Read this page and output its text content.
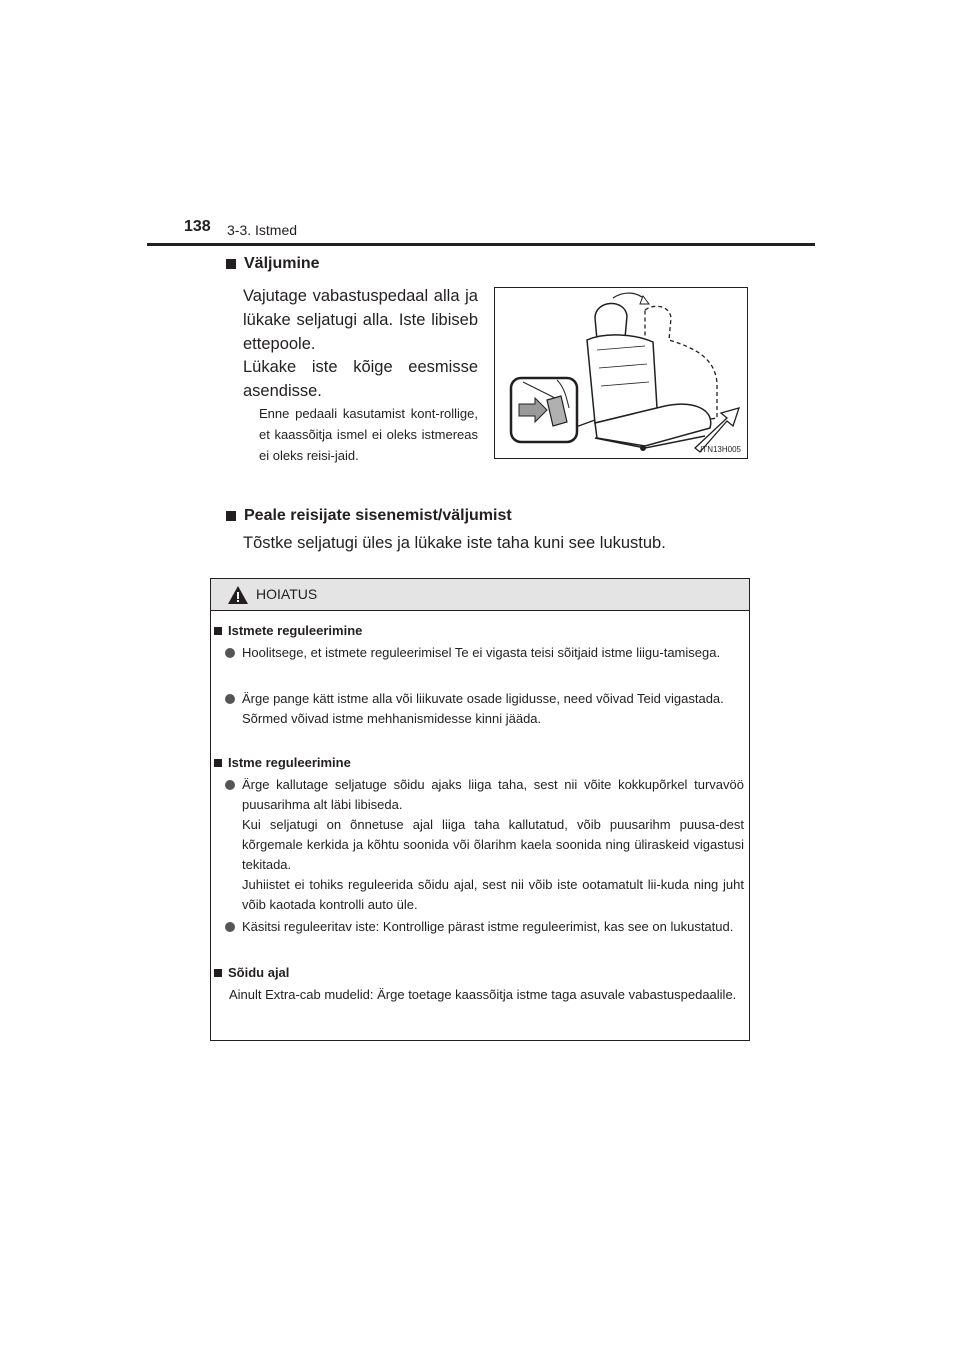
138 3-3. Istmed
Väljumine
Vajutage vabastuspedaal alla ja lükake seljatugi alla. Iste libiseb ettepoole.
Lükake iste kõige eesmisse asendisse.
Enne pedaali kasutamist kont-rollige, et kaassõitja ismel ei oleks istmereas ei oleks reisi-jaid.	ITN13H005
Peale reisijate sisenemist/väljumist
Tõstke seljatugi üles ja lükake iste taha kuni see lukustub.
HOIATUS
Istmete reguleerimine
Hoolitsege, et istmete reguleerimisel Te ei vigasta teisi sõitjaid istme liigu-tamisega.
Ärge pange kätt istme alla või liikuvate osade ligidusse, need võivad Teid vigastada.
Sõrmed võivad istme mehhanismidesse kinni jääda.
Istme reguleerimine
Ärge kallutage seljatuge sõidu ajaks liiga taha, sest nii võite kokkupõrkel turvavöö puusarihma alt läbi libiseda.
Kui seljatugi on õnnetuse ajal liiga taha kallutatud, võib puusarihm puusa-dest kõrgemale kerkida ja kõhtu soonida või õlarihm kaela soonida ning üliraskeid vigastusi tekitada.
Juhiistet ei tohiks reguleerida sõidu ajal, sest nii võib iste ootamatult lii-kuda ning juht võib kaotada kontrolli auto üle.
Käsitsi reguleeritav iste: Kontrollige pärast istme reguleerimist, kas see on lukustatud.
Sõidu ajal
Ainult Extra-cab mudelid: Ärge toetage kaassõitja istme taga asuvale vabastuspedaalile.
